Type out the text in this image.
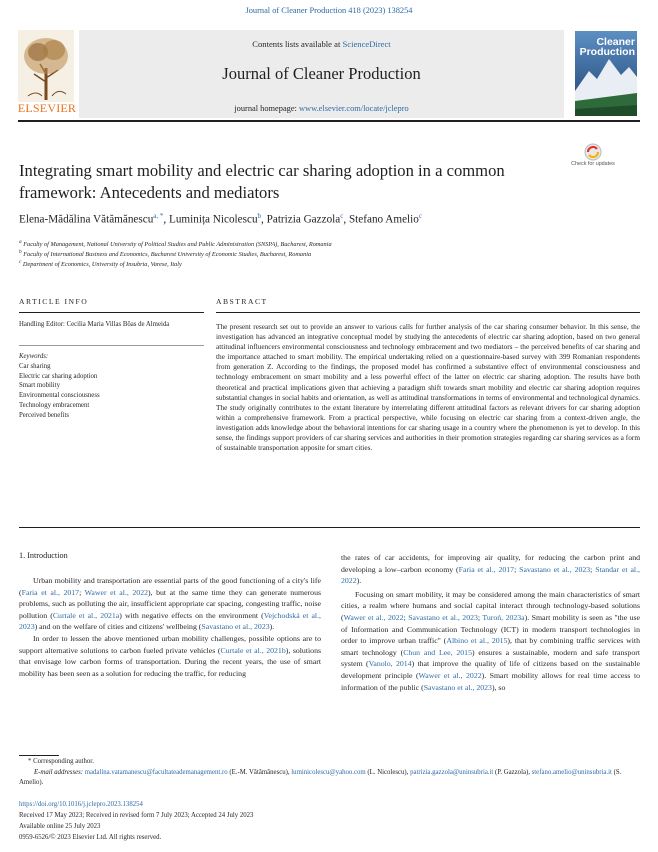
Journal of Cleaner Production 418 (2023) 138254
ELSEVIER
Contents lists available at ScienceDirect
Journal of Cleaner Production
journal homepage: www.elsevier.com/locate/jclepro
Cleaner
Production
Integrating smart mobility and electric car sharing adoption in a common framework: Antecedents and mediators
Check for updates
Elena-Mădălina Vătămănescu$^{a, *}$, Luminița Nicolescu$^b$, Patrizia Gazzola$^c$, Stefano Amelio$^c$
$^a$ Faculty of Management, National University of Political Studies and Public Administration (SNSPA), Bucharest, Romania
$^b$ Faculty of International Business and Economics, Bucharest University of Economic Studies, Bucharest, Romania
$^c$ Department of Economics, University of Insubria, Varese, Italy
ARTICLE INFO	ABSTRACT
Handling Editor: Cecilia Maria Villas Bôas de Almeida
Keywords:
Car sharing
Electric car sharing adoption
Smart mobility
Environmental consciousness
Technology embracement
Perceived benefits
The present research set out to provide an answer to various calls for further analysis of the car sharing consumer behavior. In this sense, the investigation has advanced an integrative conceptual model by studying the antecedents of electric car sharing adoption, based on two general attitudinal influencers environmental consciousness and technology embracement and two mediators – the perceived benefits of car sharing and the importance attached to smart mobility. The empirical undertaking relied on a questionnaire-based survey with 399 Romanian respondents from generation Z. According to the findings, the proposed model has confirmed a substantive effect of environmental consciousness and technology embracement on smart mobility and a less powerful effect of the latter on electric car sharing adoption. The results have both theoretical and practical implications given that achieving a paradigm shift towards smart mobility and electric car sharing adoption requires substantial changes in social habits and orientation, as well as attitudinal transformations in terms of environmental and technological dynamics. The study originally contributes to the extant literature by interrelating different attitudinal factors as relevant drivers for car sharing adoption within a comprehensive framework. From a practical perspective, while focusing on electric car sharing from a context-driven angle, the investigation adds knowledge about the behavioral intentions for car sharing usage in a country where the phenomenon is yet to develop. In this sense, the findings support providers of car sharing services and authorities in their promotion strategies regarding car sharing services as a form of sustainable transportation apposite for smart cities.
1. Introduction

Urban mobility and transportation are essential parts of the good functioning of a city's life (Faria et al., 2017; Wawer et al., 2022), but at the same time they can generate numerous problems, such as polluting the air, insufficient appropriate car spacing, congesting traffic, noise pollution (Curtale et al., 2021a) with negative effects on the environment (Vejchodská et al., 2023) and on the welfare of cities and citizens' wellbeing (Savastano et al., 2023).

In order to lessen the above mentioned urban mobility challenges, possible options are to support alternative solutions to carbon fueled private vehicles (Curtale et al., 2021b), solutions that envisage low carbon forms of transportation. During the recent years, the use of smart mobility has been seen as a solution for reducing the traffic, for reducing

the rates of car accidents, for improving air quality, for reducing the carbon print and developing a low–carbon economy (Faria et al., 2017; Savastano et al., 2023; Standar et al., 2022).

Focusing on smart mobility, it may be considered among the main characteristics of smart cities, a realm where humans and social capital interact through technology-based solutions (Wawer et al., 2022; Savastano et al., 2023; Turoń, 2023a). Smart mobility is seen as "the use of Information and Communication Technology (ICT) in modern transport technologies in order to improve urban traffic" (Albino et al., 2015), that by combining traffic services with smart technology (Chun and Lee, 2015) ensures a sustainable, modern and safe transport system (Vanolo, 2014) that improve the quality of life of citizens based on the sustainable development principle (Wawer et al., 2022). Smart mobility allows for real time access to information of the public (Savastano et al., 2023), so

* Corresponding author.
E-mail addresses: madalina.vatamanescu@facultateademanagement.ro (E.-M. Vătămănescu), luminicolescu@yahoo.com (L. Nicolescu), patrizia.gazzola@uninsubria.it (P. Gazzola), stefano.amelio@uninsubria.it (S. Amelio).
https://doi.org/10.1016/j.jclepro.2023.138254
Received 17 May 2023; Received in revised form 7 July 2023; Accepted 24 July 2023
Available online 25 July 2023
0959-6526/© 2023 Elsevier Ltd. All rights reserved.
